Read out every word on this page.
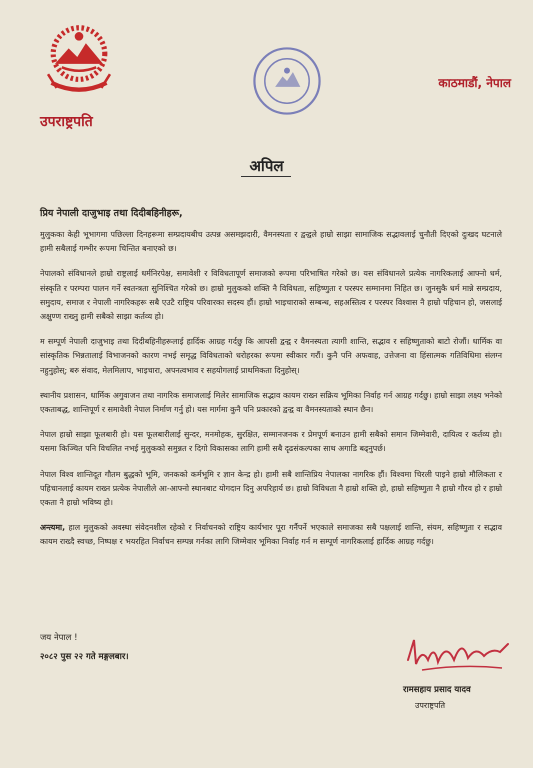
उपराष्ट्रपति
काठमाडौं, नेपाल
अपिल
प्रिय नेपाली दाजुभाइ तथा दिदीबहिनीहरू,

मुलुकका केही भूभागमा पछिल्ला दिनहरूमा सम्प्रदायबीच उत्पन्न असमझदारी, वैमनस्यता र द्वन्द्वले हाम्रो साझा सामाजिक सद्भावलाई चुनौती दिएको दुःखद घटनाले हामी सबैलाई गम्भीर रूपमा चिन्तित बनाएको छ।

नेपालको संविधानले हाम्रो राष्ट्रलाई धर्मनिरपेक्ष, समावेशी र विविधतापूर्ण समाजको रूपमा परिभाषित गरेको छ। यस संविधानले प्रत्येक नागरिकलाई आफ्नो धर्म, संस्कृति र परम्परा पालन गर्ने स्वतन्त्रता सुनिश्चित गरेको छ। हाम्रो मुलुकको शक्ति नै विविधता, सहिष्णुता र परस्पर सम्मानमा निहित छ। जुनसुकै धर्म मान्ने सम्प्रदाय, समुदाय, समाज र नेपाली नागरिकहरू सबै एउटै राष्ट्रिय परिवारका सदस्य हौं। हाम्रो भाइचाराको सम्बन्ध, सहअस्तित्व र परस्पर विश्वास नै हाम्रो पहिचान हो, जसलाई अक्षुण्ण राख्नु हामी सबैको साझा कर्तव्य हो।

म सम्पूर्ण नेपाली दाजुभाइ तथा दिदीबहिनीहरूलाई हार्दिक आग्रह गर्दछु कि आपसी द्वन्द्व र वैमनस्यता त्यागी शान्ति, सद्भाव र सहिष्णुताको बाटो रोजौं। धार्मिक वा सांस्कृतिक भिन्नतालाई विभाजनको कारण नभई समृद्ध विविधताको धरोहरका रूपमा स्वीकार गरौं। कुनै पनि अफवाह, उत्तेजना वा हिंसात्मक गतिविधिमा संलग्न नहुनुहोस्; बरु संवाद, मेलमिलाप, भाइचारा, अपनत्वभाव र सहयोगलाई प्राथमिकता दिनुहोस्।

स्थानीय प्रशासन, धार्मिक अगुवाजन तथा नागरिक समाजलाई मिलेर सामाजिक सद्भाव कायम राख्न सक्रिय भूमिका निर्वाह गर्न आग्रह गर्दछु। हाम्रो साझा लक्ष्य भनेको एकताबद्ध, शान्तिपूर्ण र समावेशी नेपाल निर्माण गर्नु हो। यस मार्गमा कुनै पनि प्रकारको द्वन्द्व वा वैमनस्यताको स्थान छैन।

नेपाल हाम्रो साझा फूलबारी हो। यस फूलबारीलाई सुन्दर, मनमोहक, सुरक्षित, सम्मानजनक र प्रेमपूर्ण बनाउन हामी सबैको समान जिम्मेवारी, दायित्व र कर्तव्य हो। यसमा किञ्चित पनि विचलित नभई मुलुकको समुन्नत र दिगो विकासका लागि हामी सबै दृढसंकल्पका साथ अगाडि बढ्नुपर्छ।

नेपाल विश्व शान्तिदूत गौतम बुद्धको भूमि, जनकको कर्मभूमि र ज्ञान केन्द्र हो। हामी सबै शान्तिप्रिय नेपालका नागरिक हौं। विश्वमा चिरली पाइने हाम्रो मौलिकता र पहिचानलाई कायम राख्न प्रत्येक नेपालीले आ-आफ्नो स्थानबाट योगदान दिनु अपरिहार्य छ। हाम्रो विविधता नै हाम्रो शक्ति हो, हाम्रो सहिष्णुता नै हाम्रो गौरव हो र हाम्रो एकता नै हाम्रो भविष्य हो।

अन्त्यमा, हाल मुलुकको अवस्था संवेदनशील रहेको र निर्वाचनको राष्ट्रिय कार्यभार पूरा गर्नैपर्ने भएकाले समाजका सबै पक्षलाई शान्ति, संयम, सहिष्णुता र सद्भाव कायम राख्दै स्वच्छ, निष्पक्ष र भयरहित निर्वाचन सम्पन्न गर्नका लागि जिम्मेवार भूमिका निर्वाह गर्न म सम्पूर्ण नागरिकलाई हार्दिक आग्रह गर्दछु।

जय नेपाल !
२०८२ पुस २२ गते मङ्गलबार।
रामसहाय प्रसाद यादव
उपराष्ट्रपति
